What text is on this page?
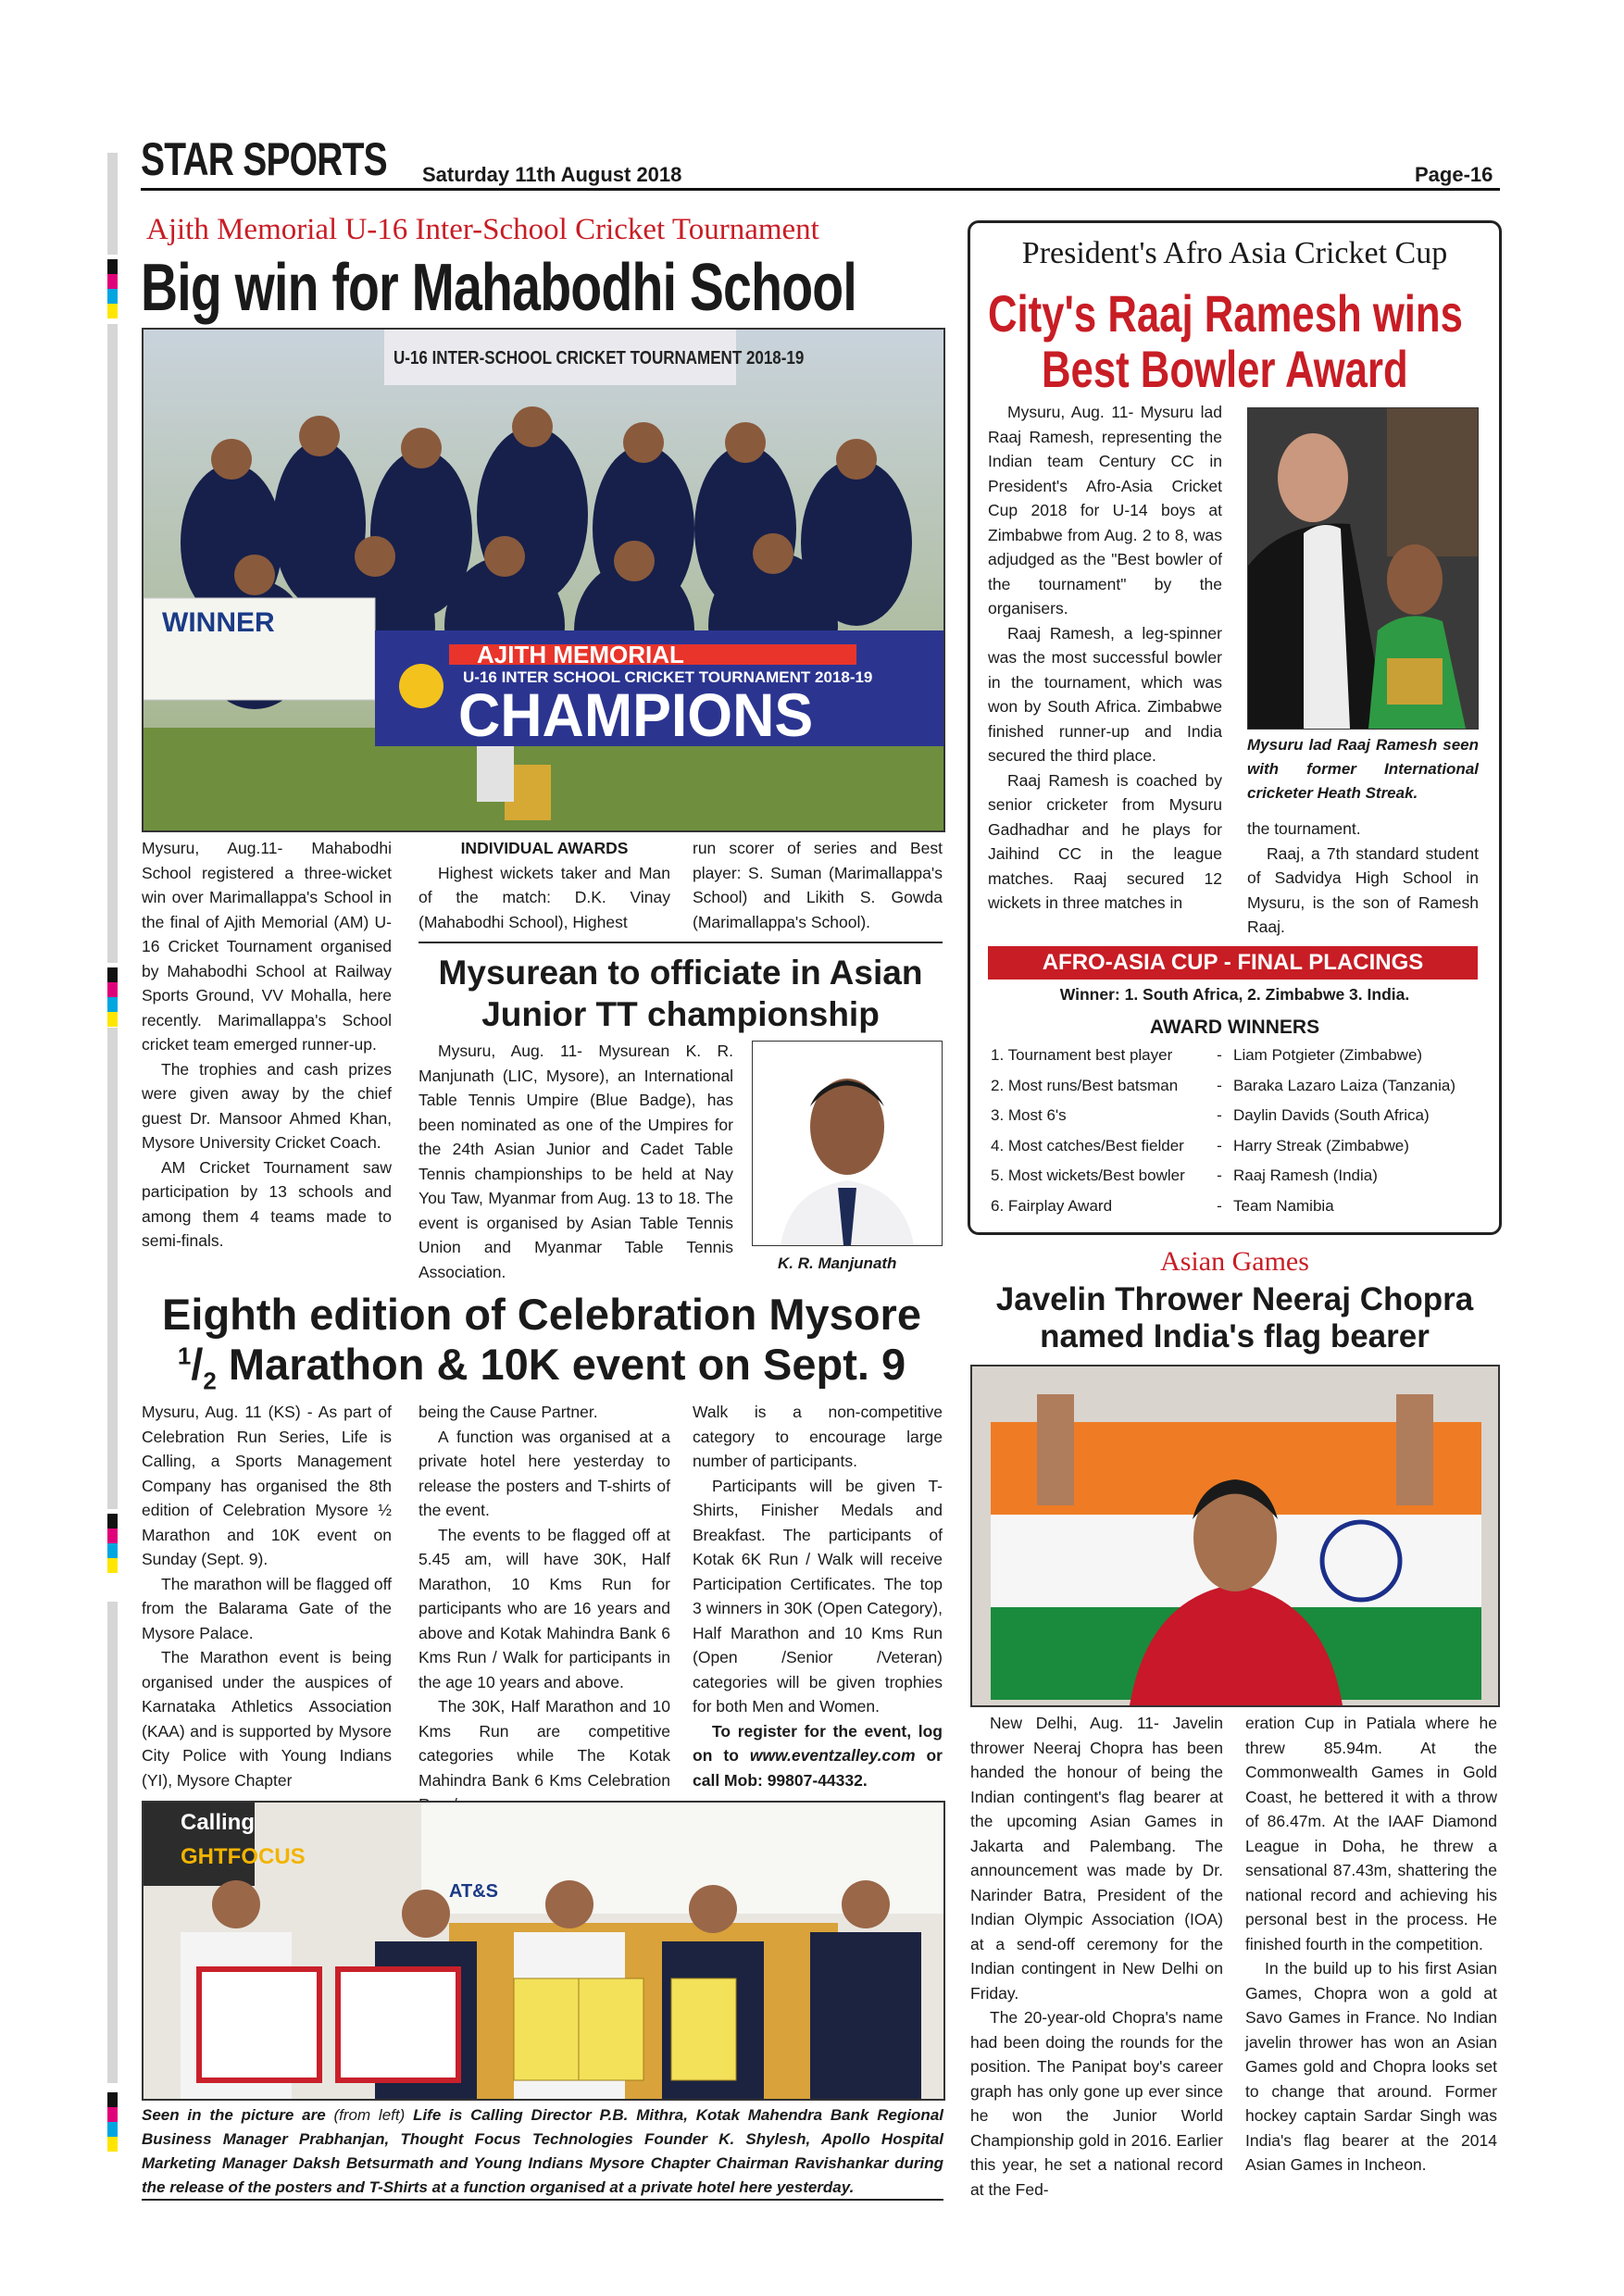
STAR SPORTS Saturday 11th August 2018	Page-16
Ajith Memorial U-16 Inter-School Cricket Tournament
Big win for Mahabodhi School
U-16 INTER-SCHOOL CRICKET TOURNAMENT 2018-19
WINNER
AJITH MEMORIAL
U-16 INTER SCHOOL CRICKET TOURNAMENT 2018-19
CHAMPIONS

Mysuru, Aug.11- Mahabodhi School registered a three-wicket win over Marimallappa's School in the final of Ajith Memorial (AM) U-16 Cricket Tournament organised by Mahabodhi School at Railway Sports Ground, VV Mohalla, here recently. Marimallappa's School cricket team emerged runner-up.

The trophies and cash prizes were given away by the chief guest Dr. Mansoor Ahmed Khan, Mysore University Cricket Coach.

AM Cricket Tournament saw participation by 13 schools and among them 4 teams made to semi-finals.

INDIVIDUAL AWARDS

Highest wickets taker and Man of the match: D.K. Vinay (Mahabodhi School), Highest

run scorer of series and Best player: S. Suman (Marimallappa's School) and Likith S. Gowda (Marimallappa's School).

Mysurean to officiate in Asian
Junior TT championship

Mysuru, Aug. 11- Mysurean K. R. Manjunath (LIC, Mysore), an International Table Tennis Umpire (Blue Badge), has been nominated as one of the Umpires for the 24th Asian Junior and Cadet Table Tennis championships to be held at Nay You Taw, Myanmar from Aug. 13 to 18. The event is organised by Asian Table Tennis Union and Myanmar Table Tennis Association.	K. R. Manjunath
Eighth edition of Celebration Mysore
$^1/_2$ Marathon & 10K event on Sept. 9

Mysuru, Aug. 11 (KS) - As part of Celebration Run Series, Life is Calling, a Sports Management Company has organised the 8th edition of Celebration Mysore ½ Marathon and 10K event on Sunday (Sept. 9).

The marathon will be flagged off from the Balarama Gate of the Mysore Palace.

The Marathon event is being organised under the auspices of Karnataka Athletics Association (KAA) and is supported by Mysore City Police with Young Indians (YI), Mysore Chapter

being the Cause Partner.

A function was organised at a private hotel here yesterday to release the posters and T-shirts of the event.

The events to be flagged off at 5.45 am, will have 30K, Half Marathon, 10 Kms Run for participants who are 16 years and above and Kotak Mahindra Bank 6 Kms Run / Walk for participants in the age 10 years and above.

The 30K, Half Marathon and 10 Kms Run are competitive categories while The Kotak Mahindra Bank 6 Kms Celebration

Walk is a non-competitive category to encourage large number of participants.

Participants will be given T-Shirts, Finisher Medals and Breakfast. The participants of Kotak 6K Run / Walk will receive Participation Certificates. The top 3 winners in 30K (Open Category), Half Marathon and 10 Kms Run (Open /Senior /Veteran) categories will be given trophies for both Men and Women.

To register for the event, log on to www.eventzalley.com or call Mob: 99807-44332.

Calling
GHTFOCUS
AT&S
Seen in the picture are (from left) Life is Calling Director P.B. Mithra, Kotak Mahendra Bank Regional Business Manager Prabhanjan, Thought Focus Technologies Founder K. Shylesh, Apollo Hospital Marketing Manager Daksh Betsurmath and Young Indians Mysore Chapter Chairman Ravishankar during the release of the posters and T-Shirts at a function organised at a private hotel here yesterday.
President's Afro Asia Cricket Cup
City's Raaj Ramesh wins
Best Bowler Award

Mysuru, Aug. 11- Mysuru lad Raaj Ramesh, representing the Indian team Century CC in President's Afro-Asia Cricket Cup 2018 for U-14 boys at Zimbabwe from Aug. 2 to 8, was adjudged as the "Best bowler of the tournament" by the organisers.

Raaj Ramesh, a leg-spinner was the most successful bowler in the tournament, which was won by South Africa. Zimbabwe finished runner-up and India secured the third place.

Raaj Ramesh is coached by senior cricketer from Mysuru Gadhadhar and he plays for Jaihind CC in the league matches. Raaj secured 12 wickets in three matches in

Mysuru lad Raaj Ramesh seen with former International cricketer Heath Streak.

the tournament.

Raaj, a 7th standard student of Sadvidya High School in Mysuru, is the son of Ramesh Raaj.

AFRO-ASIA CUP - FINAL PLACINGS
Winner: 1. South Africa, 2. Zimbabwe 3. India.
AWARD WINNERS
1. Tournament best player	-	Liam Potgieter (Zimbabwe)
2. Most runs/Best batsman	-	Baraka Lazaro Laiza (Tanzania)
3. Most 6's	-	Daylin Davids (South Africa)
4. Most catches/Best fielder	-	Harry Streak (Zimbabwe)
5. Most wickets/Best bowler	-	Raaj Ramesh (India)
6. Fairplay Award	-	Team Namibia
Asian Games
Javelin Thrower Neeraj Chopra
named India's flag bearer

New Delhi, Aug. 11- Javelin thrower Neeraj Chopra has been handed the honour of being the Indian contingent's flag bearer at the upcoming Asian Games in Jakarta and Palembang. The announcement was made by Dr. Narinder Batra, President of the Indian Olympic Association (IOA) at a send-off ceremony for the Indian contingent in New Delhi on Friday.

The 20-year-old Chopra's name had been doing the rounds for the position. The Panipat boy's career graph has only gone up ever since he won the Junior World Championship gold in 2016. Earlier this year, he set a national record at the Fed-

eration Cup in Patiala where he threw 85.94m. At the Commonwealth Games in Gold Coast, he bettered it with a throw of 86.47m. At the IAAF Diamond League in Doha, he threw a sensational 87.43m, shattering the national record and achieving his personal best in the process. He finished fourth in the competition.

In the build up to his first Asian Games, Chopra won a gold at Savo Games in France. No Indian javelin thrower has won an Asian Games gold and Chopra looks set to change that around. Former hockey captain Sardar Singh was India's flag bearer at the 2014 Asian Games in Incheon.
